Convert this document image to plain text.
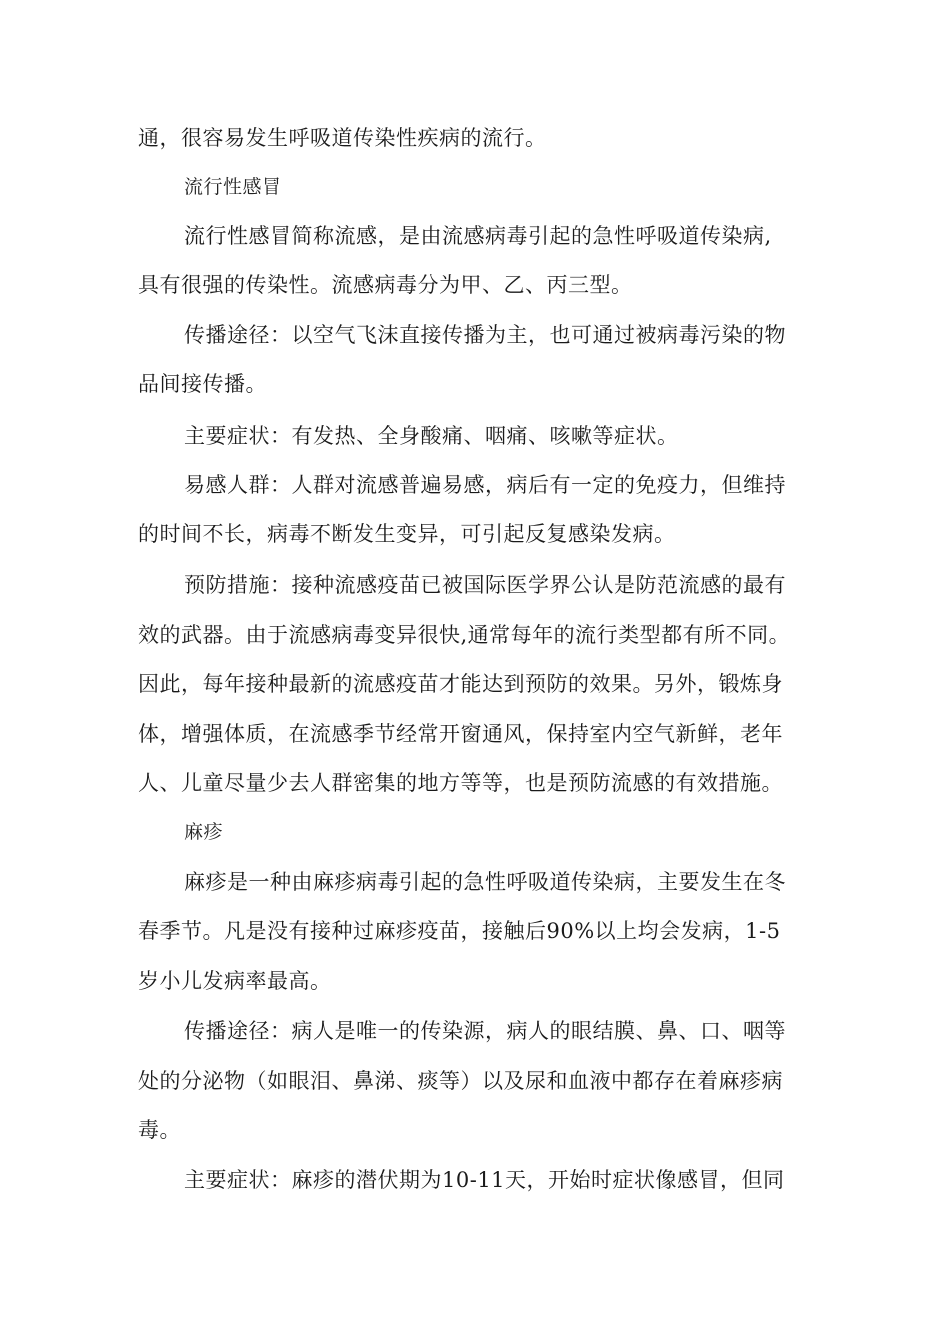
通，很容易发生呼吸道传染性疾病的流行。
流行性感冒
流行性感冒简称流感，是由流感病毒引起的急性呼吸道传染病,
具有很强的传染性。流感病毒分为甲、乙、丙三型。
传播途径：以空气飞沫直接传播为主，也可通过被病毒污染的物
品间接传播。
主要症状：有发热、全身酸痛、咽痛、咳嗽等症状。
易感人群：人群对流感普遍易感，病后有一定的免疫力，但维持
的时间不长，病毒不断发生变异，可引起反复感染发病。
预防措施：接种流感疫苗已被国际医学界公认是防范流感的最有
效的武器。由于流感病毒变异很快,通常每年的流行类型都有所不同。
因此，每年接种最新的流感疫苗才能达到预防的效果。另外，锻炼身
体，增强体质，在流感季节经常开窗通风，保持室内空气新鲜，老年
人、儿童尽量少去人群密集的地方等等，也是预防流感的有效措施。
麻疹
麻疹是一种由麻疹病毒引起的急性呼吸道传染病，主要发生在冬
春季节。凡是没有接种过麻疹疫苗，接触后90%以上均会发病，1-5
岁小儿发病率最高。
传播途径：病人是唯一的传染源，病人的眼结膜、鼻、口、咽等
处的分泌物（如眼泪、鼻涕、痰等）以及尿和血液中都存在着麻疹病
毒。
主要症状：麻疹的潜伏期为10-11天，开始时症状像感冒，但同
